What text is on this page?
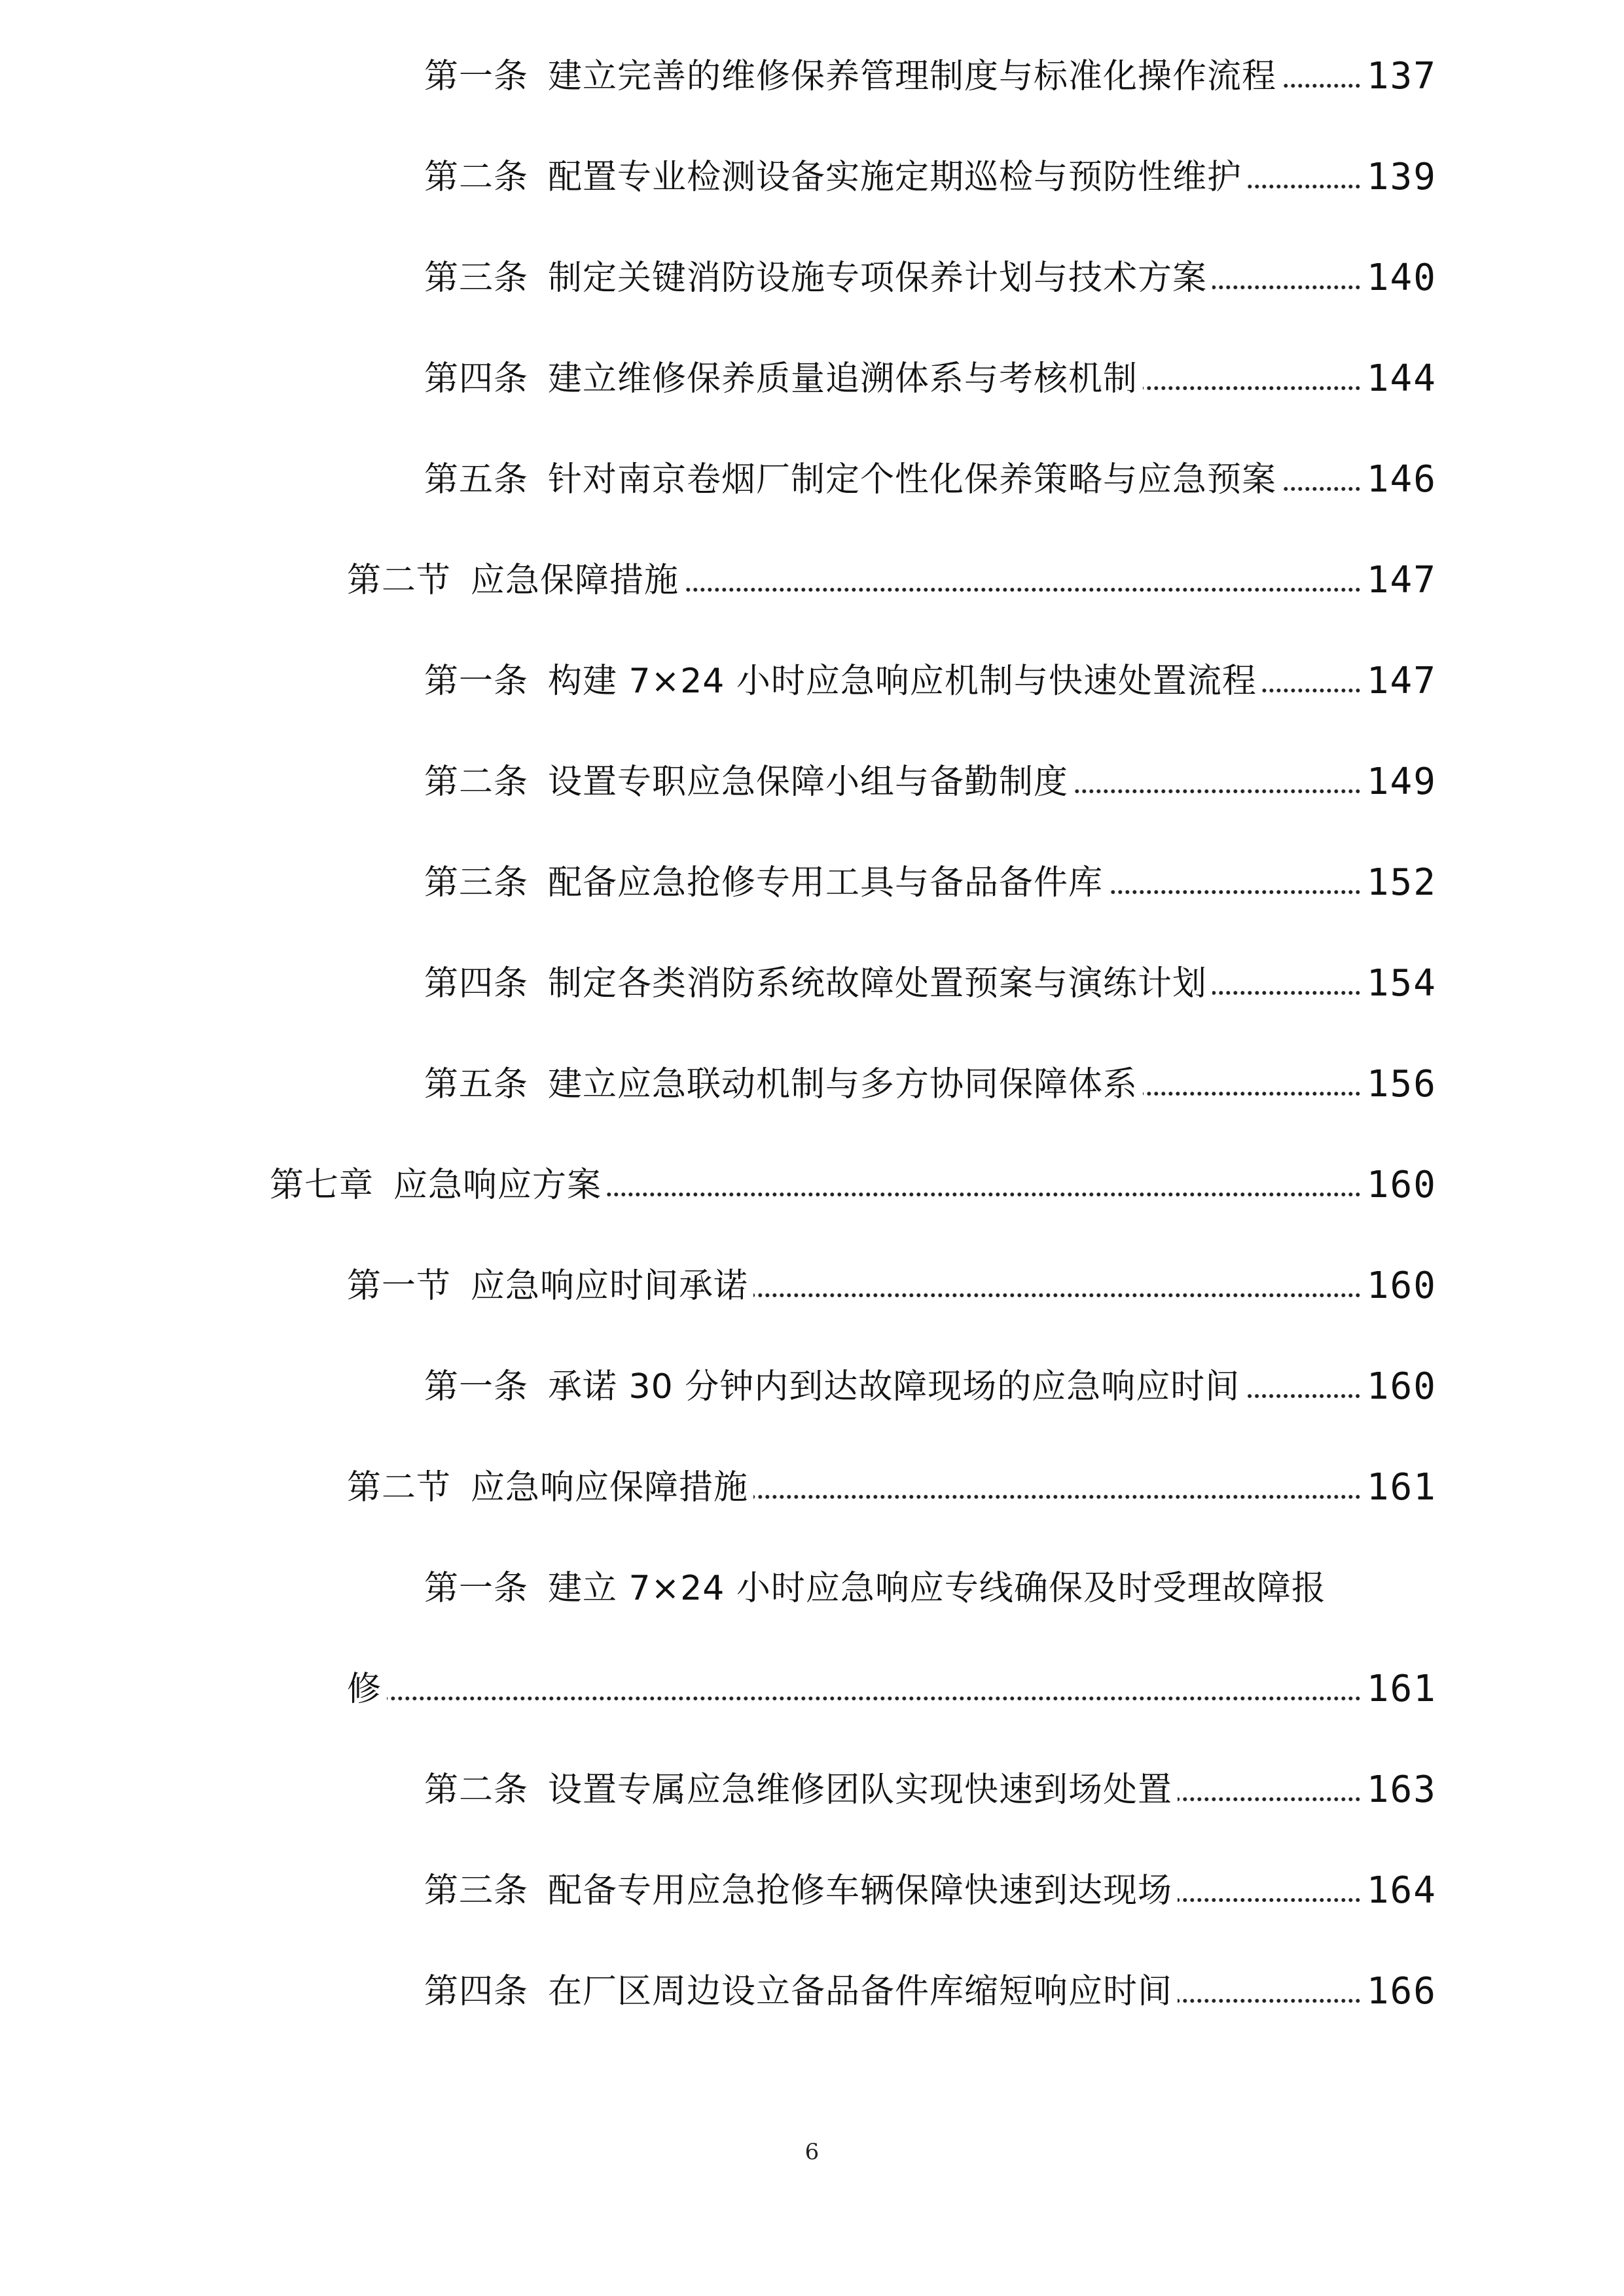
第一条 建立完善的维修保养管理制度与标准化操作流程 137
第二条 配置专业检测设备实施定期巡检与预防性维护	139
第三条 制定关键消防设施专项保养计划与技术方案	140
第四条 建立维修保养质量追溯体系与考核机制	144
第五条 针对南京卷烟厂制定个性化保养策略与应急预案 146
第二节 应急保障措施	147
第一条 构建 7×24 小时应急响应机制与快速处置流程	147
第二条 设置专职应急保障小组与备勤制度	149
第三条 配备应急抢修专用工具与备品备件库	152
第四条 制定各类消防系统故障处置预案与演练计划	154
第五条 建立应急联动机制与多方协同保障体系	156
第七章 应急响应方案	160
第一节 应急响应时间承诺	160
第一条 承诺 30 分钟内到达故障现场的应急响应时间	160
第二节 应急响应保障措施	161
第一条 建立 7×24 小时应急响应专线确保及时受理故障报
修	161
第二条 设置专属应急维修团队实现快速到场处置	163
第三条 配备专用应急抢修车辆保障快速到达现场	164
第四条 在厂区周边设立备品备件库缩短响应时间	166
6
